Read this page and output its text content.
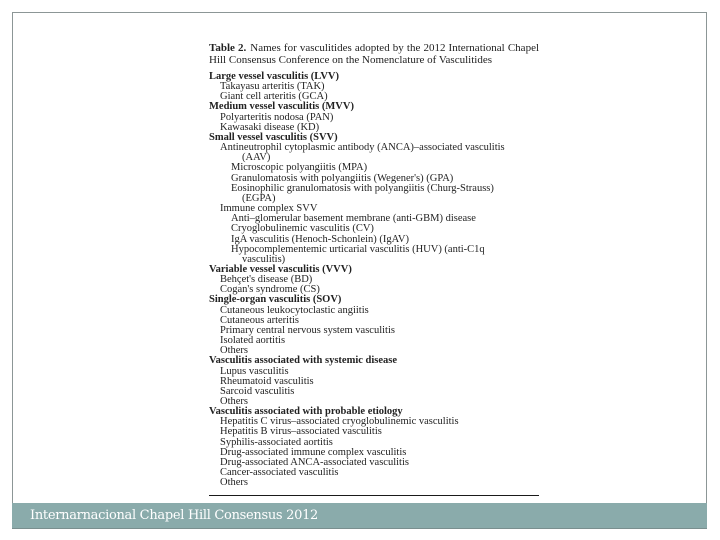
Table 2. Names for vasculitides adopted by the 2012 International Chapel Hill Consensus Conference on the Nomenclature of Vasculitides

Large vessel vasculitis (LVV)
Takayasu arteritis (TAK)
Giant cell arteritis (GCA)
Medium vessel vasculitis (MVV)
Polyarteritis nodosa (PAN)
Kawasaki disease (KD)
Small vessel vasculitis (SVV)
Antineutrophil cytoplasmic antibody (ANCA)–associated vasculitis
(AAV)
Microscopic polyangiitis (MPA)
Granulomatosis with polyangiitis (Wegener's) (GPA)
Eosinophilic granulomatosis with polyangiitis (Churg-Strauss)
(EGPA)
Immune complex SVV
Anti–glomerular basement membrane (anti-GBM) disease
Cryoglobulinemic vasculitis (CV)
IgA vasculitis (Henoch-Schonlein) (IgAV)
Hypocomplementemic urticarial vasculitis (HUV) (anti-C1q
vasculitis)
Variable vessel vasculitis (VVV)
Behçet's disease (BD)
Cogan's syndrome (CS)
Single-organ vasculitis (SOV)
Cutaneous leukocytoclastic angiitis
Cutaneous arteritis
Primary central nervous system vasculitis
Isolated aortitis
Others
Vasculitis associated with systemic disease
Lupus vasculitis
Rheumatoid vasculitis
Sarcoid vasculitis
Others
Vasculitis associated with probable etiology
Hepatitis C virus–associated cryoglobulinemic vasculitis
Hepatitis B virus–associated vasculitis
Syphilis-associated aortitis
Drug-associated immune complex vasculitis
Drug-associated ANCA-associated vasculitis
Cancer-associated vasculitis
Others
Internarnacional Chapel Hill Consensus 2012
